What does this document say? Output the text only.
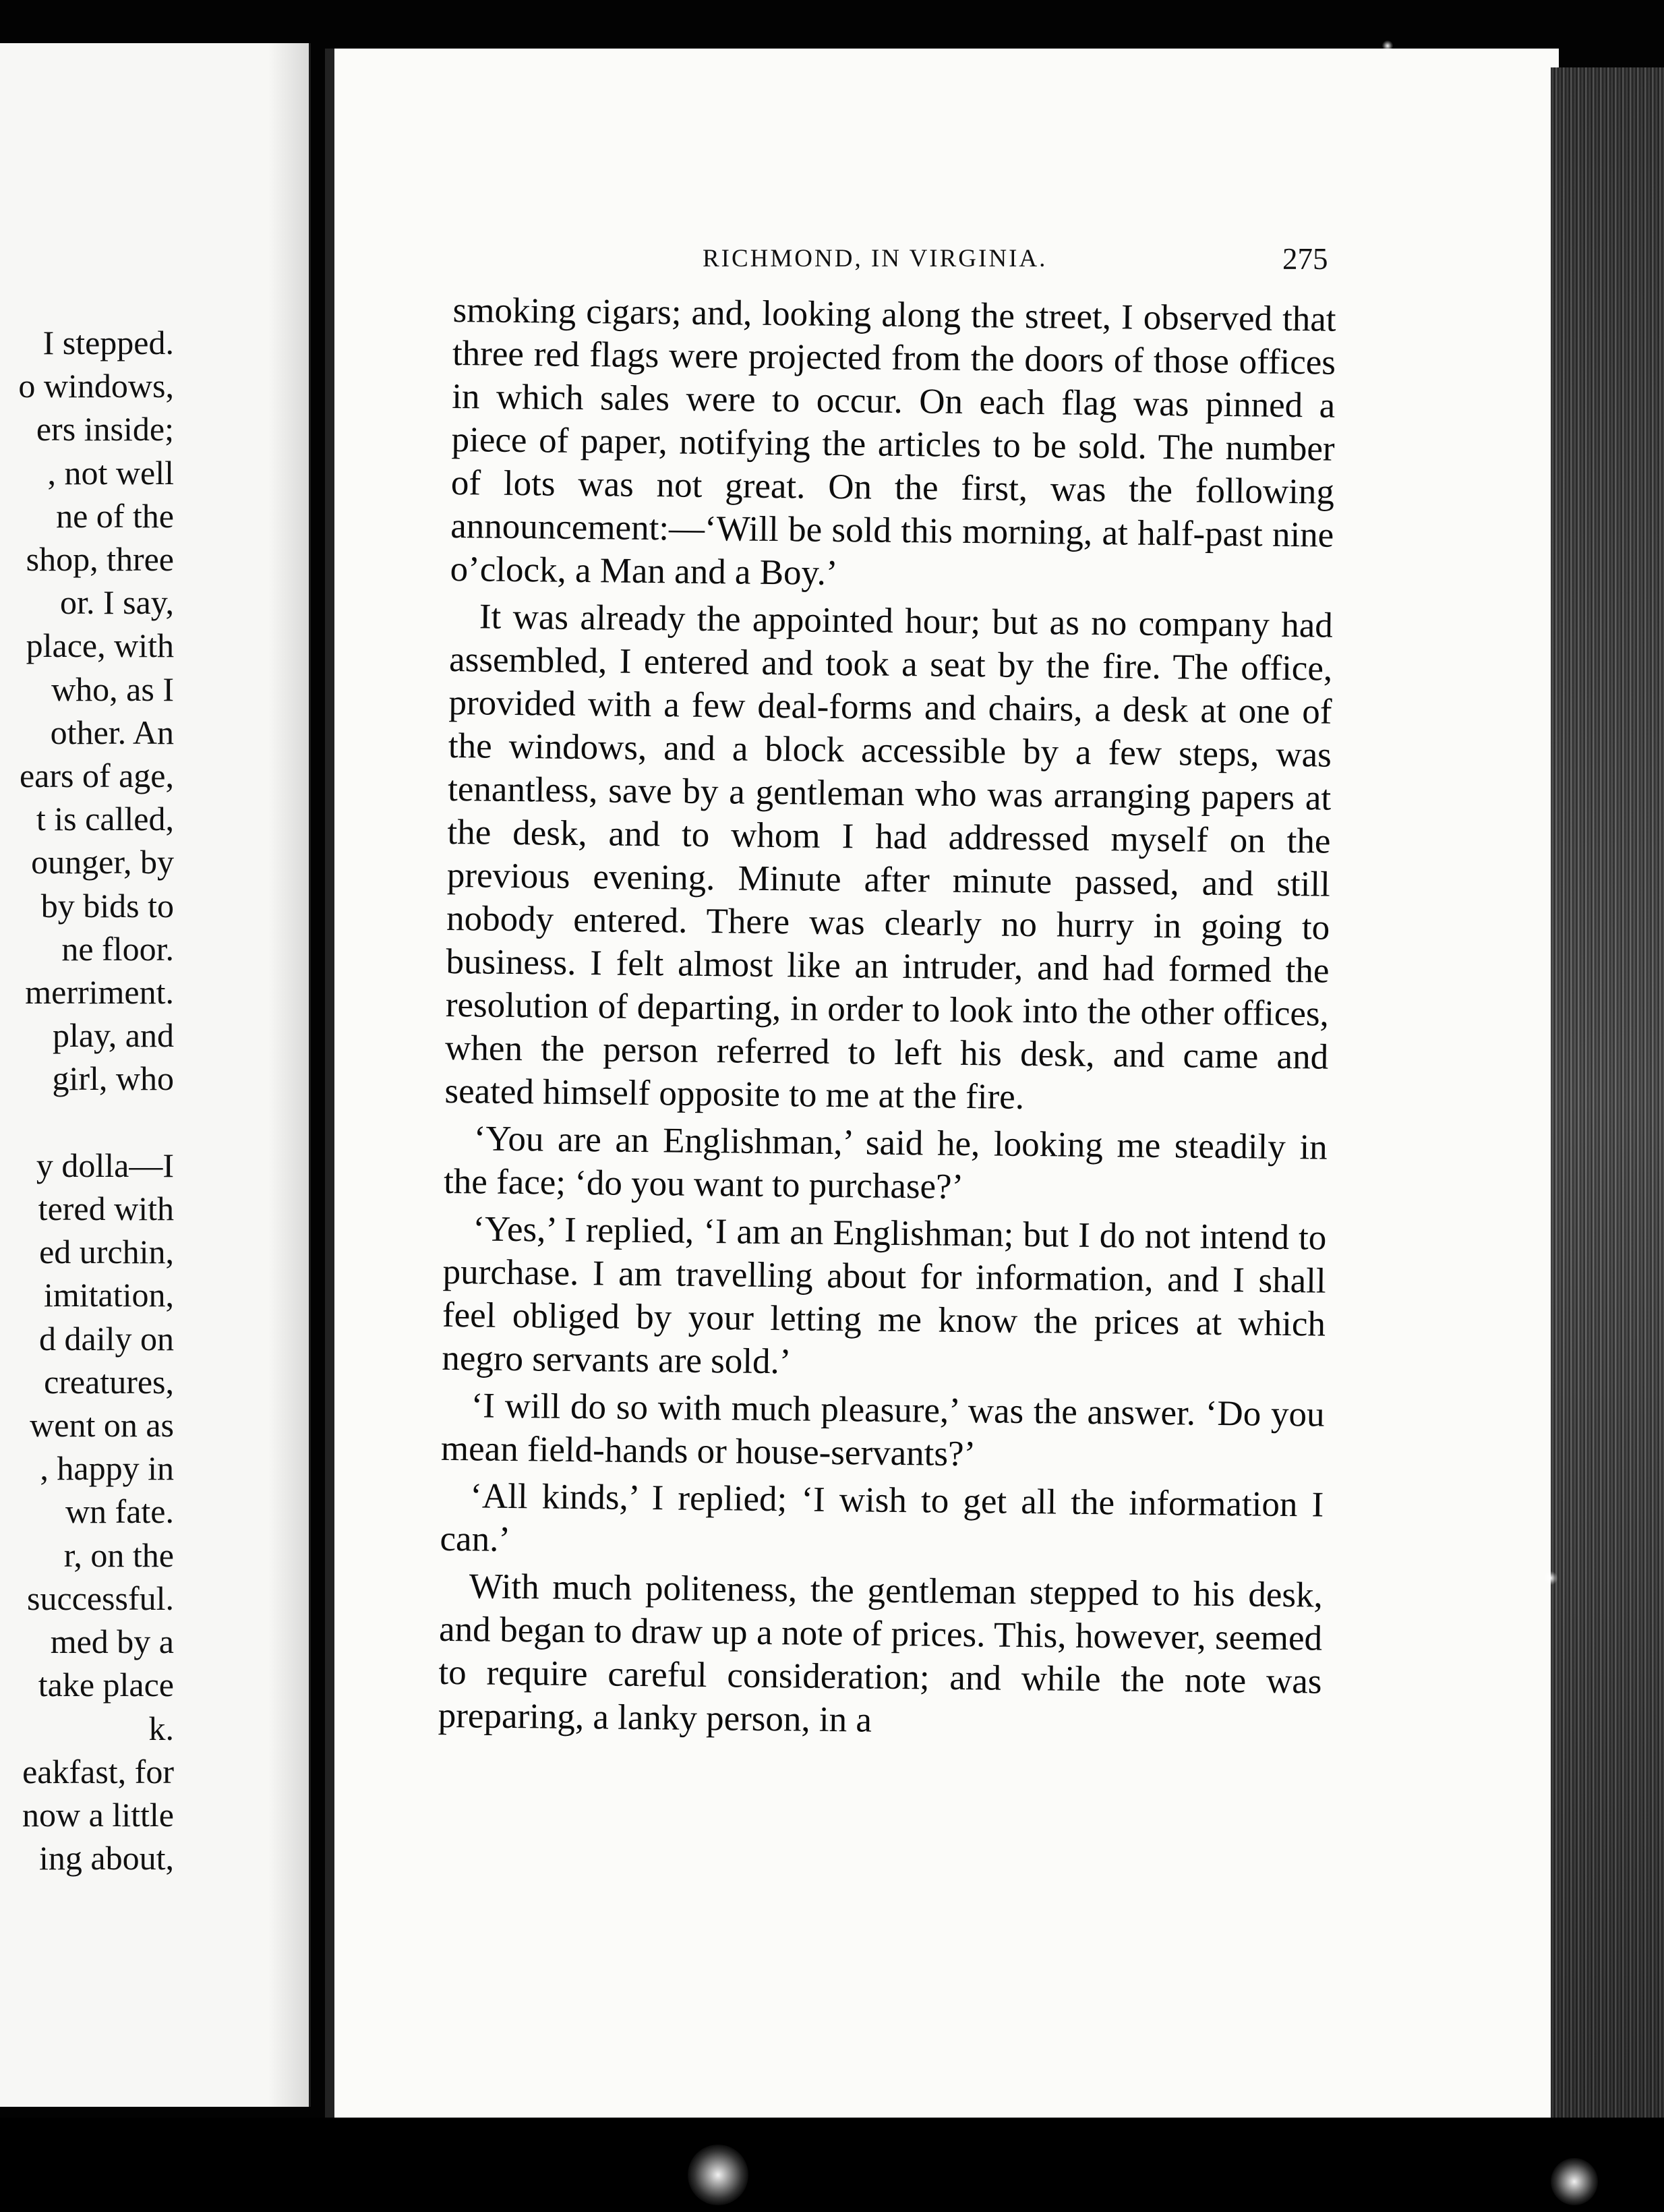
I stepped.
o windows,
ers inside;
, not well
ne of the
shop, three
or. I say,
place, with
who, as I
other. An
ears of age,
t is called,
ounger, by
by bids to
ne floor.
merriment.
play, and
girl, who

y dolla—I
tered with
ed urchin,
imitation,
d daily on
creatures,
went on as
, happy in
wn fate.
r, on the
successful.
med by a
take place
k.
eakfast, for
now a little
ing about,
RICHMOND, IN VIRGINIA.	275

smoking cigars; and, looking along the street, I observed that three red flags were projected from the doors of those offices in which sales were to occur. On each flag was pinned a piece of paper, notifying the articles to be sold. The number of lots was not great. On the first, was the following announcement:—‘Will be sold this morning, at half-past nine o’clock, a Man and a Boy.’

It was already the appointed hour; but as no company had assembled, I entered and took a seat by the fire. The office, provided with a few deal-forms and chairs, a desk at one of the windows, and a block accessible by a few steps, was tenantless, save by a gentleman who was arranging papers at the desk, and to whom I had addressed myself on the previous evening. Minute after minute passed, and still nobody entered. There was clearly no hurry in going to business. I felt almost like an intruder, and had formed the resolution of departing, in order to look into the other offices, when the person referred to left his desk, and came and seated himself opposite to me at the fire.

‘You are an Englishman,’ said he, looking me steadily in the face; ‘do you want to purchase?’

‘Yes,’ I replied, ‘I am an Englishman; but I do not intend to purchase. I am travelling about for information, and I shall feel obliged by your letting me know the prices at which negro servants are sold.’

‘I will do so with much pleasure,’ was the answer. ‘Do you mean field-hands or house-servants?’

‘All kinds,’ I replied; ‘I wish to get all the information I can.’

With much politeness, the gentleman stepped to his desk, and began to draw up a note of prices. This, however, seemed to require careful consideration; and while the note was preparing, a lanky person, in a
